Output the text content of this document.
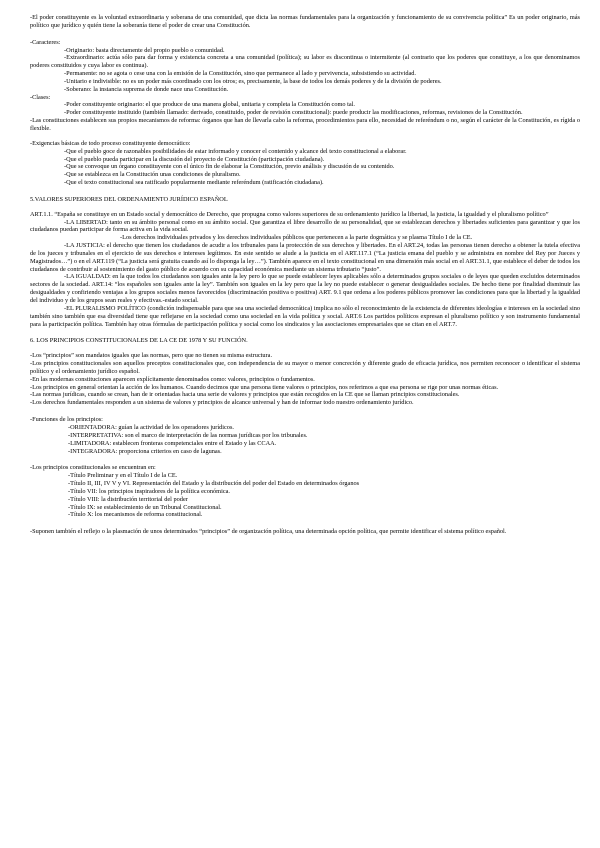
-El poder constituyente es la voluntad extraordinaria y soberana de una comunidad, que dicta las normas fundamentales para la organización y funcionamiento de su convivencia política” Es un poder originario, más político que jurídico y quién tiene la soberanía tiene el poder de crear una Constitución.

-Caracteres:

-Originario: basta directamente del propio pueblo o comunidad.

-Extraordinario: actúa sólo para dar forma y existencia concreta a una comunidad (política); su labor es discontinua o intermitente (al contrario que los poderes que constituye, a los que denominamos poderes constituidos y cuya labor es continua).

-Permanente: no se agota o cese una con la emisión de la Constitución, sino que permanece al lado y pervivencia, subsistiendo su actividad.

-Unitario e indivisible: no es un poder más coordinado con los otros; es, precisamente, la base de todos los demás poderes y de la división de poderes.

-Soberano: la instancia suprema de donde nace una Constitución.

-Clases:

-Poder constituyente originario: el que produce de una manera global, unitaria y completa la Constitución como tal.

-Poder constituyente instituido (también llamado: derivado, constituido, poder de revisión constitucional): puede producir las modificaciones, reformas, revisiones de la Constitución.

-Las constituciones establecen sus propios mecanismos de reforma: órganos que han de llevarla cabo la reforma, procedimientos para ello, necesidad de referéndum o no, según el carácter de la Constitución, es rígida o flexible.

-Exigencias básicas de todo proceso constituyente democrático:

-Que el pueblo goce de razonables posibilidades de estar informado y conocer el contenido y alcance del texto constitucional a elaborar.

-Que el pueblo pueda participar en la discusión del proyecto de Constitución (participación ciudadana).

-Que se convoque un órgano constituyente con el único fin de elaborar la Constitución, previo análisis y discusión de su contenido.

-Que se establezca en la Constitución unas condiciones de pluralismo.

-Que el texto constitucional sea ratificado popularmente mediante referéndum (ratificación ciudadana).

5.VALORES SUPERIORES DEL ORDENAMIENTO JURÍDICO ESPAÑOL

ART.1.1. “España se constituye en un Estado social y democrático de Derecho, que propugna como valores superiores de su ordenamiento jurídico la libertad, la justicia, la igualdad y el pluralismo político”

-LA LIBERTAD: tanto en su ámbito personal como en su ámbito social. Que garantiza el libre desarrollo de su personalidad, que se establezcan derechos y libertades suficientes para garantizar y que los ciudadanos puedan participar de forma activa en la vida social.

-Los derechos individuales privados y los derechos individuales públicos que pertenecen a la parte dogmática y se plasma Título I de la CE.

-LA JUSTICIA: el derecho que tienen los ciudadanos de acudir a los tribunales para la protección de sus derechos y libertades. En el ART.24, todas las personas tienen derecho a obtener la tutela efectiva de los jueces y tribunales en el ejercicio de sus derechos e intereses legítimos. En este sentido se alude a la justicia en el ART.117.1 (“La justicia emana del pueblo y se administra en nombre del Rey por Jueces y Magistrados…”) o en el ART.119 (“La justicia será gratuita cuando así lo disponga la ley…”). También aparece en el texto constitucional en una dimensión más social en el ART.31.1, que establece el deber de todos los ciudadanos de contribuir al sostenimiento del gasto público de acuerdo con su capacidad económica mediante un sistema tributario “justo”.

-LA IGUALDAD: en la que todos los ciudadanos son iguales ante la ley pero lo que se puede establecer leyes aplicables sólo a determinados grupos sociales o de leyes que queden excluidos determinados sectores de la sociedad. ART.14: “los españoles son iguales ante la ley”. También son iguales en la ley pero que la ley no puede establecer o generar desigualdades sociales. De hecho tiene por finalidad disminuir las desigualdades y confiriendo ventajas a los grupos sociales menos favorecidos (discriminación positiva o positiva) ART. 9.1 que ordena a los poderes públicos promover las condiciones para que la libertad y la igualdad del individuo y de los grupos sean reales y efectivas.-estado social.

-EL PLURALISMO POLÍTICO (condición indispensable para que sea una sociedad democrática) implica no sólo el reconocimiento de la existencia de diferentes ideologías e intereses en la sociedad sino también sino también que esa diversidad tiene que reflejarse en la sociedad como una sociedad en la vida política y social. ART.6 Los partidos políticos expresan el pluralismo político y son instrumento fundamental para la participación política. También hay otras fórmulas de participación política y social como los sindicatos y las asociaciones empresariales que se citan en el ART.7.

6. LOS PRINCIPIOS CONSTITUCIONALES DE LA CE DE 1978 Y SU FUNCIÓN.

-Los “principios” son mandatos iguales que las normas, pero que no tienen su misma estructura.

-Los principios constitucionales son aquellos preceptos constitucionales que, con independencia de su mayor o menor concreción y diferente grado de eficacia jurídica, nos permiten reconocer o identificar el sistema político y el ordenamiento jurídico español.

-En las modernas constituciones aparecen explícitamente denominados como: valores, principios o fundamentos.

-Los principios en general orientan la acción de los humanos. Cuando decimos que una persona tiene valores o principios, nos referimos a que esa persona se rige por unas normas éticas.

-Las normas jurídicas, cuando se crean, han de ir orientadas hacia una serie de valores y principios que están recogidos en la CE que se llaman principios constitucionales.

-Los derechos fundamentales responden a un sistema de valores y principios de alcance universal y han de informar todo nuestro ordenamiento jurídico.

-Funciones de los principios:

-ORIENTADORA: guían la actividad de los operadores jurídicos.

-INTERPRETATIVA: son el marco de interpretación de las normas jurídicas por los tribunales.

-LIMITADORA: establecen fronteras competenciales entre el Estado y las CCAA.

-INTEGRADORA: proporciona criterios en caso de lagunas.

-Los principios constitucionales se encuentran en:

-Título Preliminar y en el Título I de la CE.

-Título II, III, IV V y VI. Representación del Estado y la distribución del poder del Estado en determinados órganos

-Título VII: los principios inspiradores de la política económica.

-Título VIII: la distribución territorial del poder

-Título IX: se establecimiento de un Tribunal Constitucional.

-Título X: los mecanismos de reforma constitucional.

-Suponen también el reflejo o la plasmación de unos determinados “principios” de organización política, una determinada opción política, que permite identificar el sistema político español.
